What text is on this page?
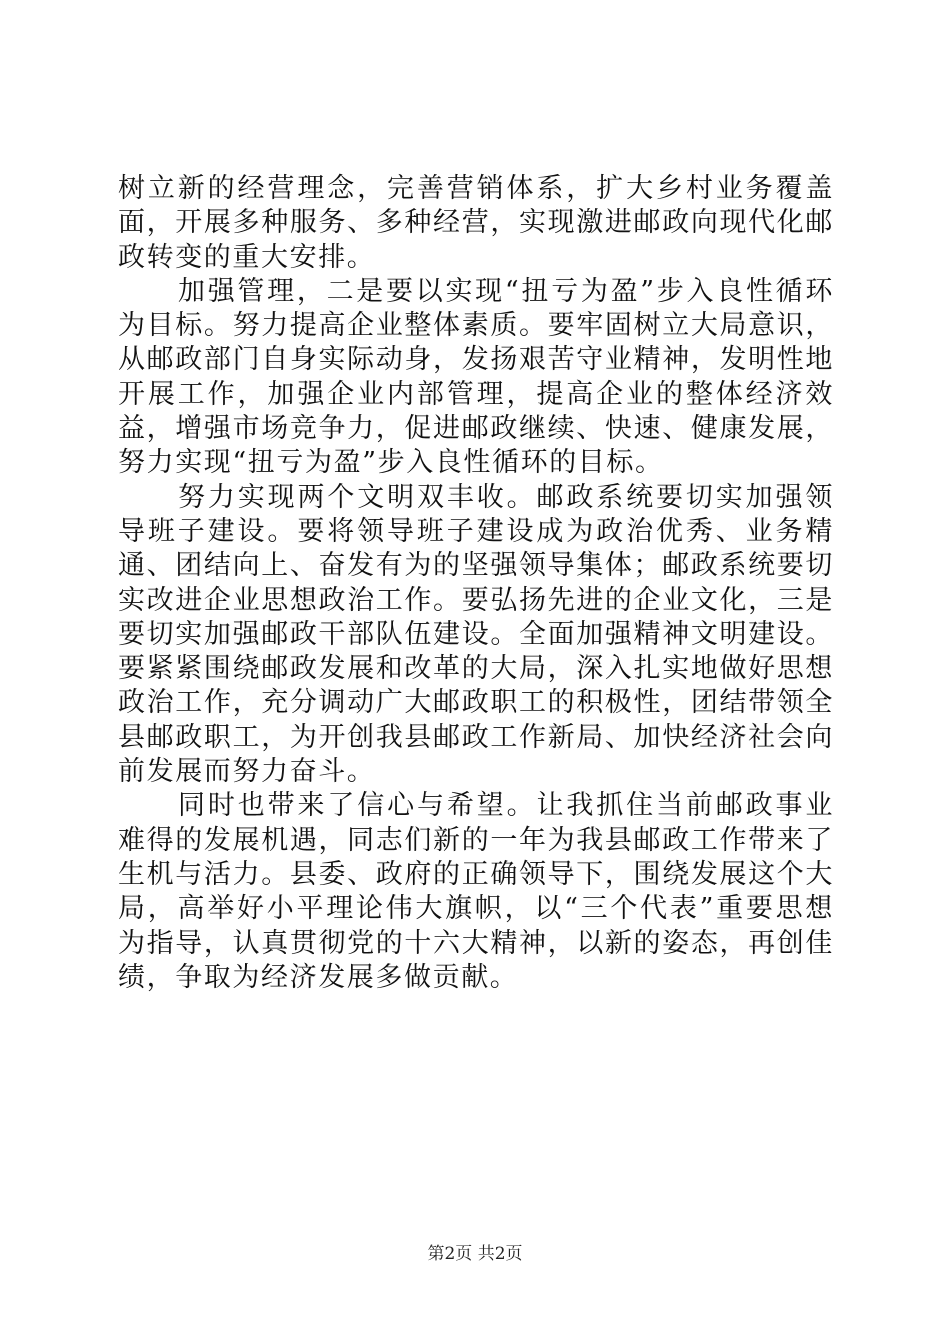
树立新的经营理念，完善营销体系，扩大乡村业务覆盖面，开展多种服务、多种经营，实现激进邮政向现代化邮政转变的重大安排。

加强管理，二是要以实现“扭亏为盈”步入良性循环为目标。努力提高企业整体素质。要牢固树立大局意识，从邮政部门自身实际动身，发扬艰苦守业精神，发明性地开展工作，加强企业内部管理，提高企业的整体经济效益，增强市场竞争力，促进邮政继续、快速、健康发展，努力实现“扭亏为盈”步入良性循环的目标。

努力实现两个文明双丰收。邮政系统要切实加强领导班子建设。要将领导班子建设成为政治优秀、业务精通、团结向上、奋发有为的坚强领导集体；邮政系统要切实改进企业思想政治工作。要弘扬先进的企业文化，三是要切实加强邮政干部队伍建设。全面加强精神文明建设。要紧紧围绕邮政发展和改革的大局，深入扎实地做好思想政治工作，充分调动广大邮政职工的积极性，团结带领全县邮政职工，为开创我县邮政工作新局、加快经济社会向前发展而努力奋斗。

同时也带来了信心与希望。让我抓住当前邮政事业难得的发展机遇，同志们新的一年为我县邮政工作带来了生机与活力。县委、政府的正确领导下，围绕发展这个大局，高举好小平理论伟大旗帜，以“三个代表”重要思想为指导，认真贯彻党的十六大精神，以新的姿态，再创佳绩，争取为经济发展多做贡献。

第2页 共2页
